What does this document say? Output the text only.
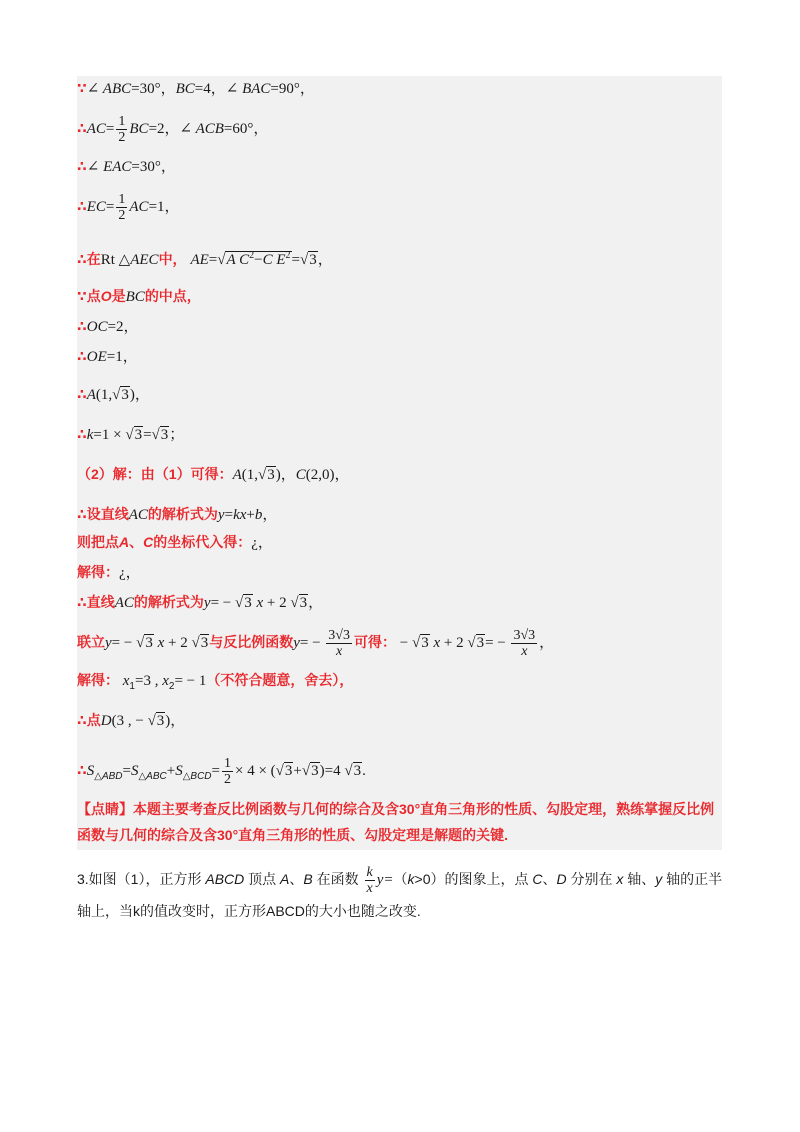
∵∠ ABC=30°，BC=4，∠ BAC=90°，
∴AC= $\frac{1}{2} BC=2$，∠ ACB=60°，
∴∠ EAC=30°，
∴EC= $\frac{1}{2} AC=1$，
∴在Rt △AEC中， AE=√A $C^2-C$ $E^2=√3$，
∵点O是BC的中点，
∴OC=2，
∴OE=1，
∴A(1,√3)，
∴k=1 × √3=√3；
（2）解：由（1）可得：A(1,√3)，C(2,0)，
∴设直线AC的解析式为y=kx+b，
则把点A、C的坐标代入得：¿，
解得：¿，
∴直线AC的解析式为y= − √3 x + 2 √3，
联立y= − √3 x + 2 √3与反比例函数$y= - \frac{3√3}{x}$ 可得： − √3 x + 2 $√3= - \frac{3√3}{x}$ ，
解得： $x_1=3$ , $x_2= - 1$（不符合题意，舍去），
∴点D(3 , − √3)，
$\therefore S_{\triangle ABD}=S_{\triangle ABC}+S_{\triangle BCD}= \frac{1}{2} \times 4 \times (√3+√3)=4$ √3.
【点睛】本题主要考查反比例函数与几何的综合及含30°直角三角形的性质、勾股定理，熟练掌握反比例函数与几何的综合及含30°直角三角形的性质、勾股定理是解题的关键.
3.如图（1），正方形 ABCD 顶点 A、B 在函数 $\frac{k}{x} y=(k>0)$的图象上，点 C、D 分别在 x 轴、y 轴的正半
轴上，当k的值改变时，正方形ABCD的大小也随之改变.
